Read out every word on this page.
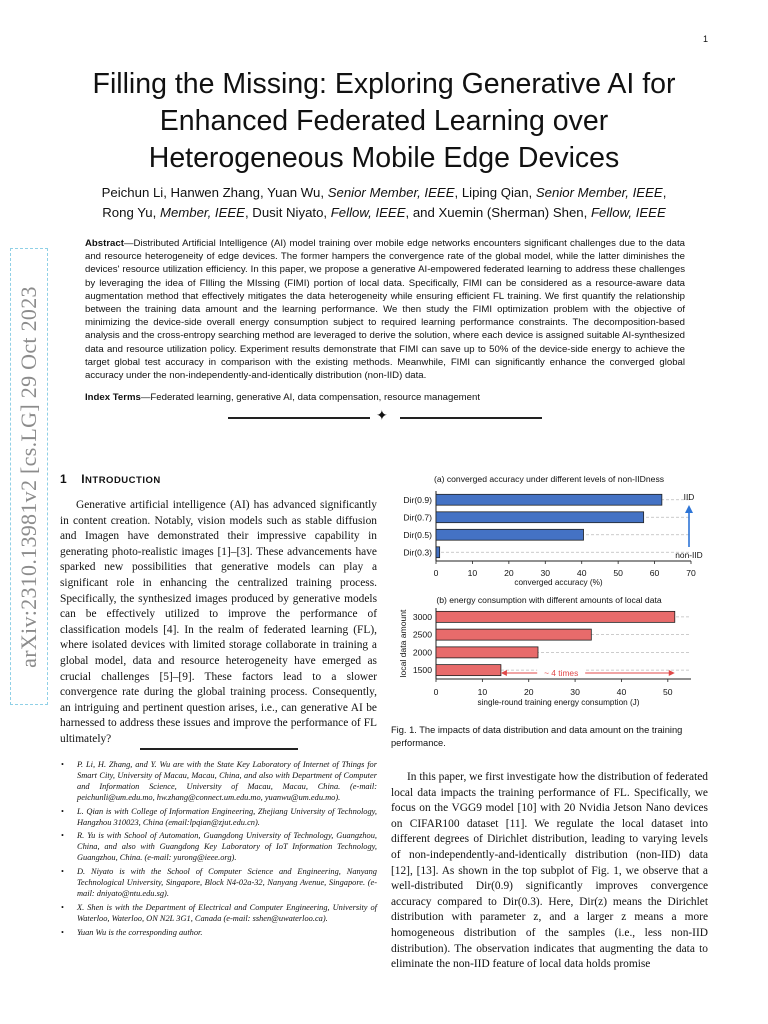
1
arXiv:2310.13981v2 [cs.LG] 29 Oct 2023
Filling the Missing: Exploring Generative AI for
Enhanced Federated Learning over
Heterogeneous Mobile Edge Devices
Peichun Li, Hanwen Zhang, Yuan Wu, Senior Member, IEEE, Liping Qian, Senior Member, IEEE,
Rong Yu, Member, IEEE, Dusit Niyato, Fellow, IEEE, and Xuemin (Sherman) Shen, Fellow, IEEE
Abstract—Distributed Artificial Intelligence (AI) model training over mobile edge networks encounters significant challenges due to the data and resource heterogeneity of edge devices. The former hampers the convergence rate of the global model, while the latter diminishes the devices' resource utilization efficiency. In this paper, we propose a generative AI-empowered federated learning to address these challenges by leveraging the idea of FIlling the MIssing (FIMI) portion of local data. Specifically, FIMI can be considered as a resource-aware data augmentation method that effectively mitigates the data heterogeneity while ensuring efficient FL training. We first quantify the relationship between the training data amount and the learning performance. We then study the FIMI optimization problem with the objective of minimizing the device-side overall energy consumption subject to required learning performance constraints. The decomposition-based analysis and the cross-entropy searching method are leveraged to derive the solution, where each device is assigned suitable AI-synthesized data and resource utilization policy. Experiment results demonstrate that FIMI can save up to 50% of the device-side energy to achieve the target global test accuracy in comparison with the existing methods. Meanwhile, FIMI can significantly enhance the converged global accuracy under the non-independently-and-identically distribution (non-IID) data.
Index Terms—Federated learning, generative AI, data compensation, resource management
✦
1 INTRODUCTION
Generative artificial intelligence (AI) has advanced significantly in content creation. Notably, vision models such as stable diffusion and Imagen have demonstrated their impressive capability in generating photo-realistic images [1]–[3]. These advancements have sparked new possibilities that generative models can play a significant role in enhancing the centralized training process. Specifically, the synthesized images produced by generative models can be effectively utilized to improve the performance of classification models [4]. In the realm of federated learning (FL), where isolated devices with limited storage collaborate in training a global model, data and resource heterogeneity have emerged as crucial challenges [5]–[9]. These factors lead to a slower convergence rate during the global training process. Consequently, an intriguing and pertinent question arises, i.e., can generative AI be harnessed to address these issues and improve the performance of FL ultimately?
• P. Li, H. Zhang, and Y. Wu are with the State Key Laboratory of Internet of Things for Smart City, University of Macau, Macau, China, and also with Department of Computer and Information Science, University of Macau, Macau, China. (e-mail: peichunli@um.edu.mo, hw.zhang@connect.um.edu.mo, yuanwu@um.edu.mo).
• L. Qian is with College of Information Engineering, Zhejiang University of Technology, Hangzhou 310023, China (email:lpqian@zjut.edu.cn).
• R. Yu is with School of Automation, Guangdong University of Technology, Guangzhou, China, and also with Guangdong Key Laboratory of IoT Information Technology, Guangzhou, China. (e-mail: yurong@ieee.org).
• D. Niyato is with the School of Computer Science and Engineering, Nanyang Technological University, Singapore, Block N4-02a-32, Nanyang Avenue, Singapore. (e-mail: dniyato@ntu.edu.sg).
• X. Shen is with the Department of Electrical and Computer Engineering, University of Waterloo, Waterloo, ON N2L 3G1, Canada (e-mail: sshen@uwaterloo.ca).
• Yuan Wu is the corresponding author.
(a) converged accuracy under different levels of non-IIDness
Dir(0.9)
Dir(0.7)
Dir(0.5)
Dir(0.3)
0	10	20	30	40	50	60	70
converged accuracy (%)
(b) energy consumption with different amounts of local data
3000
2500
2000
1500
0	10	20	30	40	50
single-round training energy consumption (J)
local data amount
IID
non-IID
~ 4 times
Fig. 1. The impacts of data distribution and data amount on the training performance.
In this paper, we first investigate how the distribution of federated local data impacts the training performance of FL. Specifically, we focus on the VGG9 model [10] with 20 Nvidia Jetson Nano devices on CIFAR100 dataset [11]. We regulate the local dataset into different degrees of Dirichlet distribution, leading to varying levels of non-independently-and-identically distribution (non-IID) data [12], [13]. As shown in the top subplot of Fig. 1, we observe that a well-distributed Dir(0.9) significantly improves convergence accuracy compared to Dir(0.3). Here, Dir(z) means the Dirichlet distribution with parameter z, and a larger z means a more homogeneous distribution of the samples (i.e., less non-IID distribution). The observation indicates that augmenting the data to eliminate the non-IID feature of local data holds promise
